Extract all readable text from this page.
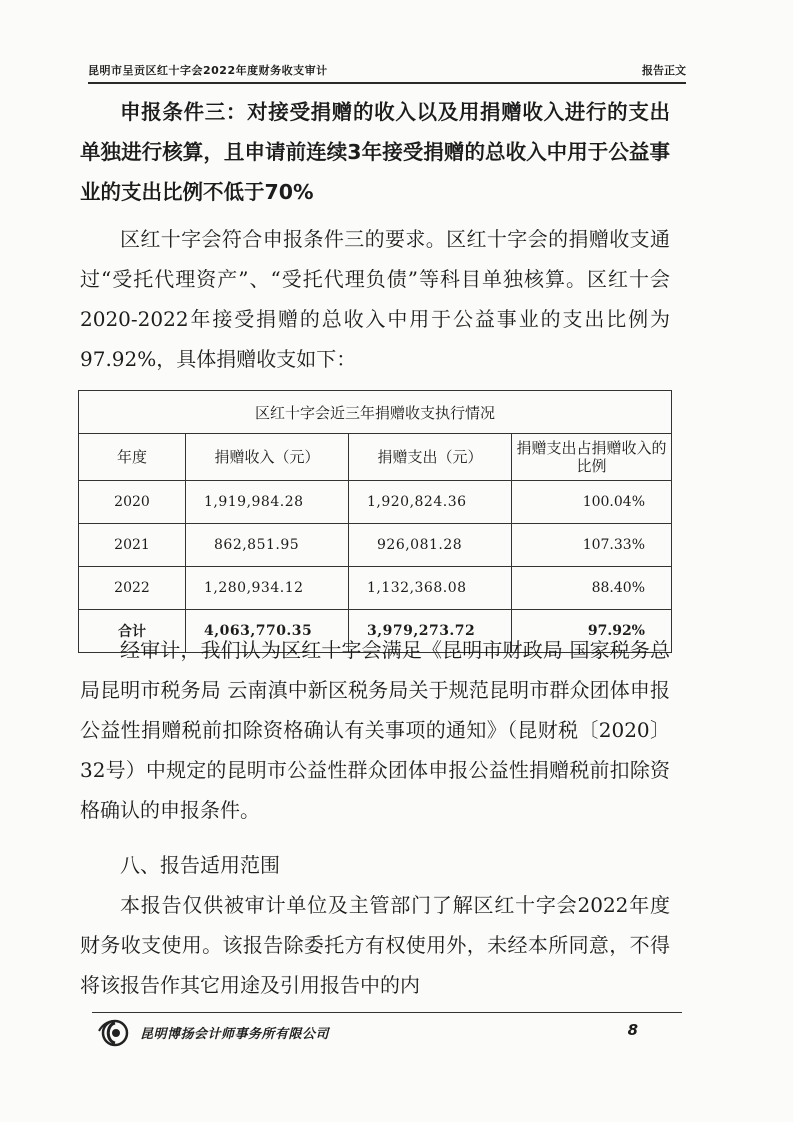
昆明市呈贡区红十字会2022年度财务收支审计	报告正文
申报条件三：对接受捐赠的收入以及用捐赠收入进行的支出单独进行核算，且申请前连续3年接受捐赠的总收入中用于公益事业的支出比例不低于70%
区红十字会符合申报条件三的要求。区红十字会的捐赠收支通过“受托代理资产”、“受托代理负债”等科目单独核算。区红十会2020-2022年接受捐赠的总收入中用于公益事业的支出比例为97.92%，具体捐赠收支如下：
区红十字会近三年捐赠收支执行情况			
年度	捐赠收入（元）	捐赠支出（元）	捐赠支出占捐赠收入的比例
2020	1,919,984.28	1,920,824.36	100.04%
2021	862,851.95	926,081.28	107.33%
2022	1,280,934.12	1,132,368.08	88.40%
合计	4,063,770.35	3,979,273.72	97.92%
经审计，我们认为区红十字会满足《昆明市财政局 国家税务总局昆明市税务局 云南滇中新区税务局关于规范昆明市群众团体申报公益性捐赠税前扣除资格确认有关事项的通知》（昆财税〔2020〕32号）中规定的昆明市公益性群众团体申报公益性捐赠税前扣除资格确认的申报条件。
八、报告适用范围
本报告仅供被审计单位及主管部门了解区红十字会2022年度财务收支使用。该报告除委托方有权使用外，未经本所同意，不得将该报告作其它用途及引用报告中的内
昆明博扬会计师事务所有限公司	8
